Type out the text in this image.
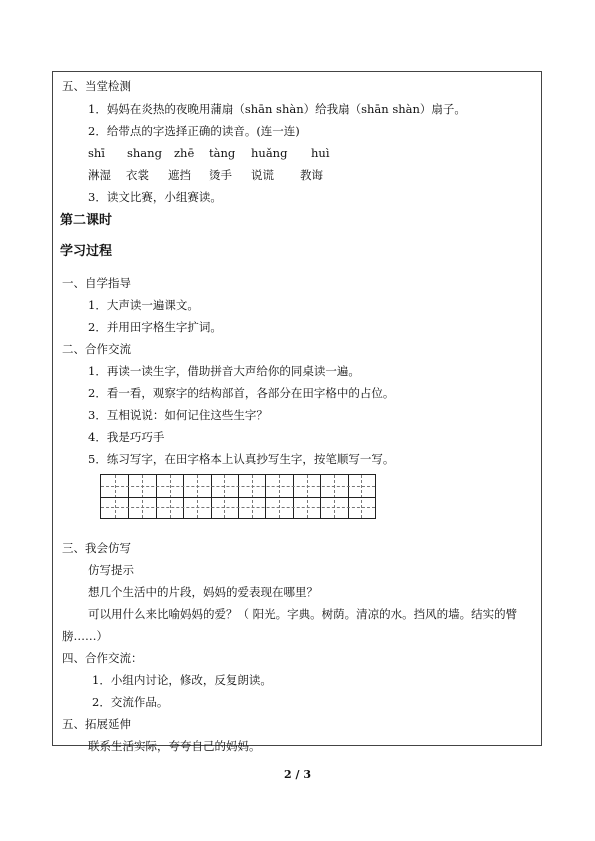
五、当堂检测
1．妈妈在炎热的夜晚用蒲扇（shān shàn）给我扇（shān shàn）扇子。
2．给带点的字选择正确的读音。(连一连)
shī shang zhē tàng huǎng huì
淋湿 衣裳 遮挡 烫手 说谎 教诲
3．读文比赛，小组赛读。
第二课时
学习过程
一、自学指导
1．大声读一遍课文。
2．并用田字格生字扩词。
二、合作交流
1．再读一读生字，借助拼音大声给你的同桌读一遍。
2．看一看，观察字的结构部首，各部分在田字格中的占位。
3．互相说说：如何记住这些生字？
4．我是巧巧手
5．练习写字，在田字格本上认真抄写生字，按笔顺写一写。
三、我会仿写
仿写提示
想几个生活中的片段，妈妈的爱表现在哪里？
可以用什么来比喻妈妈的爱？（ 阳光。字典。树荫。清凉的水。挡风的墙。结实的臂
膀……）
四、合作交流：
1．小组内讨论，修改，反复朗读。
2．交流作品。
五、拓展延伸
联系生活实际，夸夸自己的妈妈。
2 / 3
